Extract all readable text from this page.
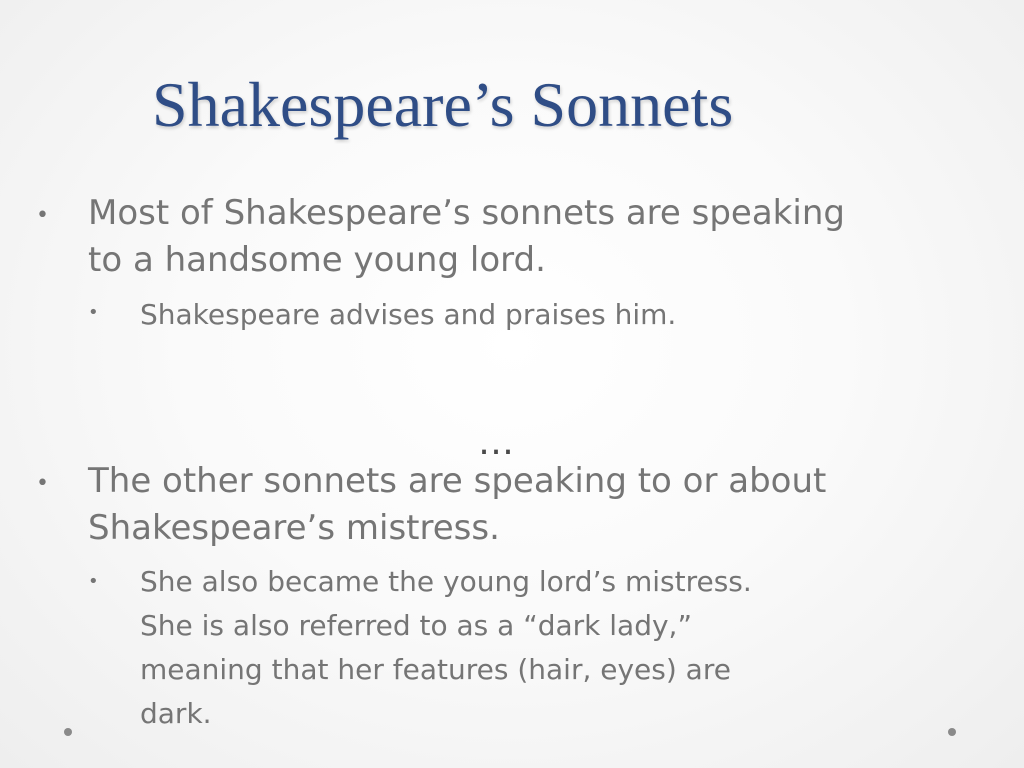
Shakespeare’s Sonnets
• Most of Shakespeare’s sonnets are speaking
to a handsome young lord.
• Shakespeare advises and praises him.
…
• The other sonnets are speaking to or about
Shakespeare’s mistress.
• She also became the young lord’s mistress.
She is also referred to as a “dark lady,”
meaning that her features (hair, eyes) are
dark.
